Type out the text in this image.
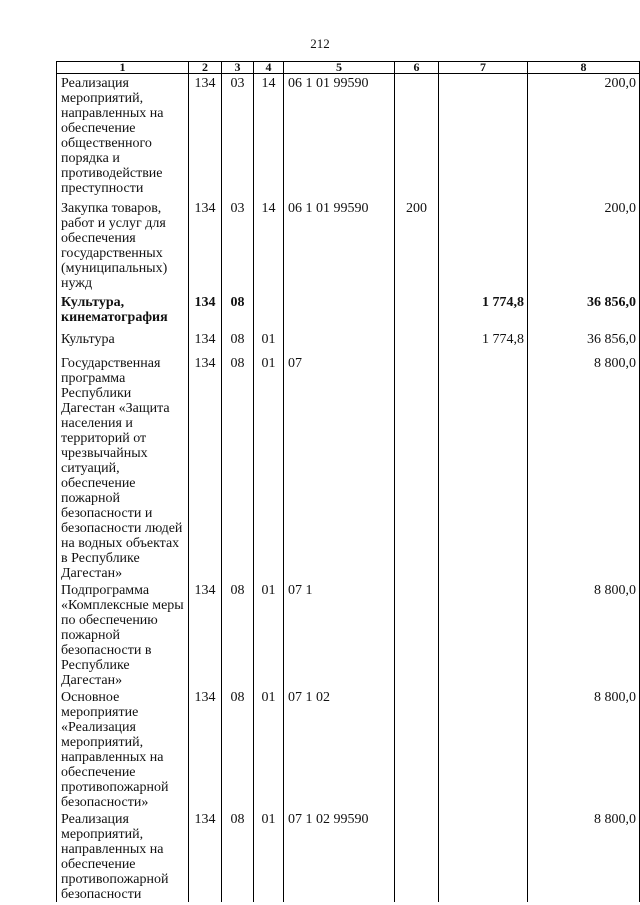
212
1	2	3	4	5	6	7	8
Реализация мероприятий, направленных на обеспечение общественного порядка и противодействие преступности	134	03	14	06 1 01 99590			200,0
Закупка товаров, работ и услуг для обеспечения государственных (муниципальных) нужд	134	03	14	06 1 01 99590	200		200,0
Культура, кинематография	134	08				1 774,8	36 856,0
Культура	134	08	01			1 774,8	36 856,0
Государственная программа Республики Дагестан «Защита населения и территорий от чрезвычайных ситуаций, обеспечение пожарной безопасности и безопасности людей на водных объектах в Республике Дагестан»	134	08	01	07			8 800,0
Подпрограмма «Комплексные меры по обеспечению пожарной безопасности в Республике Дагестан»	134	08	01	07 1			8 800,0
Основное мероприятие «Реализация мероприятий, направленных на обеспечение противопожарной безопасности»	134	08	01	07 1 02			8 800,0
Реализация мероприятий, направленных на обеспечение противопожарной безопасности	134	08	01	07 1 02 99590			8 800,0
